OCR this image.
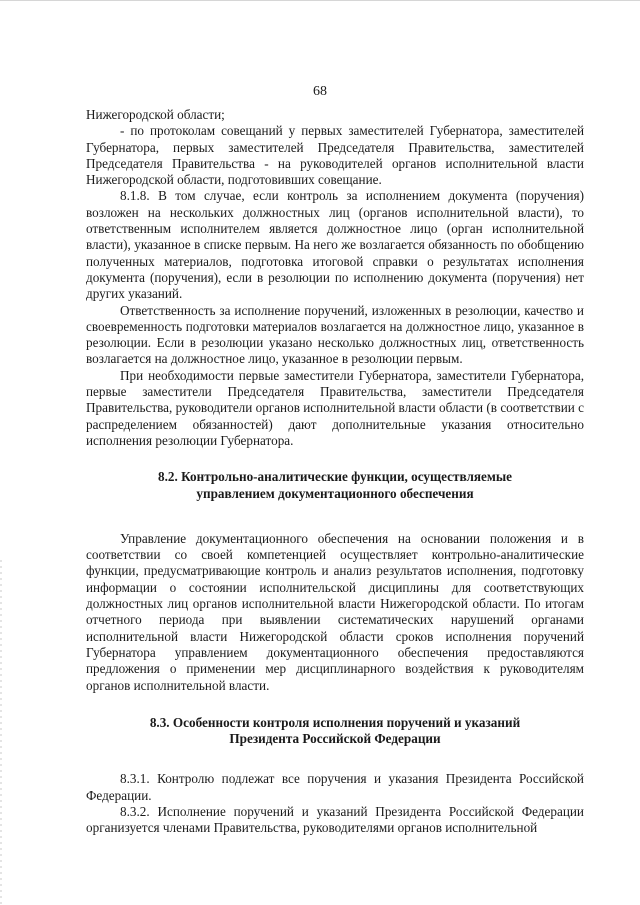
68

Нижегородской области;

- по протоколам совещаний у первых заместителей Губернатора, заместителей Губернатора, первых заместителей Председателя Правительства, заместителей Председателя Правительства - на руководителей органов исполнительной власти Нижегородской области, подготовивших совещание.

8.1.8. В том случае, если контроль за исполнением документа (поручения) возложен на нескольких должностных лиц (органов исполнительной власти), то ответственным исполнителем является должностное лицо (орган исполнительной власти), указанное в списке первым. На него же возлагается обязанность по обобщению полученных материалов, подготовка итоговой справки о результатах исполнения документа (поручения), если в резолюции по исполнению документа (поручения) нет других указаний.

Ответственность за исполнение поручений, изложенных в резолюции, качество и своевременность подготовки материалов возлагается на должностное лицо, указанное в резолюции. Если в резолюции указано несколько должностных лиц, ответственность возлагается на должностное лицо, указанное в резолюции первым.

При необходимости первые заместители Губернатора, заместители Губернатора, первые заместители Председателя Правительства, заместители Председателя Правительства, руководители органов исполнительной власти области (в соответствии с распределением обязанностей) дают дополнительные указания относительно исполнения резолюции Губернатора.

8.2. Контрольно-аналитические функции, осуществляемые

управлением документационного обеспечения

Управление документационного обеспечения на основании положения и в соответствии со своей компетенцией осуществляет контрольно-аналитические функции, предусматривающие контроль и анализ результатов исполнения, подготовку информации о состоянии исполнительской дисциплины для соответствующих должностных лиц органов исполнительной власти Нижегородской области. По итогам отчетного периода при выявлении систематических нарушений органами исполнительной власти Нижегородской области сроков исполнения поручений Губернатора управлением документационного обеспечения предоставляются предложения о применении мер дисциплинарного воздействия к руководителям органов исполнительной власти.

8.3. Особенности контроля исполнения поручений и указаний

Президента Российской Федерации

8.3.1. Контролю подлежат все поручения и указания Президента Российской Федерации.

8.3.2. Исполнение поручений и указаний Президента Российской Федерации организуется членами Правительства, руководителями органов исполнительной
